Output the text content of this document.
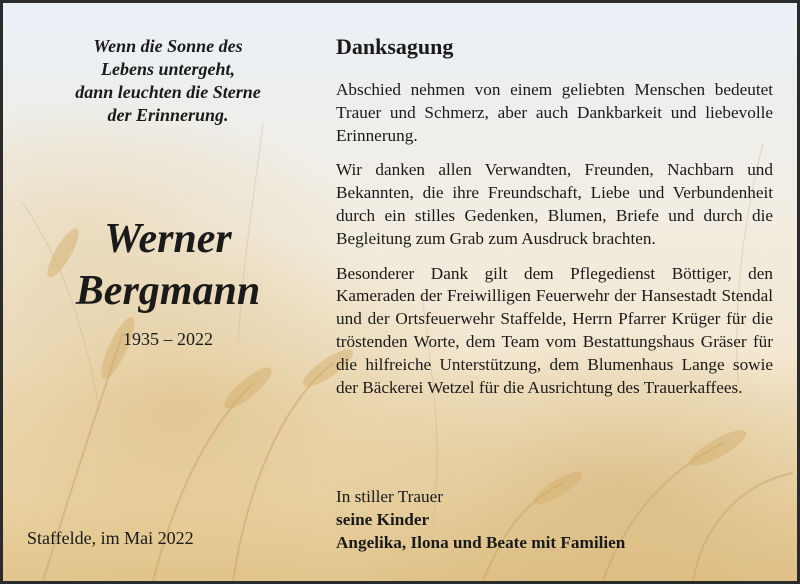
Wenn die Sonne des
Lebens untergeht,
dann leuchten die Sterne
der Erinnerung.
Werner
Bergmann
1935 – 2022
Staffelde, im Mai 2022
Danksagung

Abschied nehmen von einem geliebten Menschen bedeutet Trauer und Schmerz, aber auch Dankbarkeit und liebevolle Erinnerung.

Wir danken allen Verwandten, Freunden, Nachbarn und Bekannten, die ihre Freundschaft, Liebe und Verbundenheit durch ein stilles Gedenken, Blumen, Briefe und durch die Begleitung zum Grab zum Ausdruck brachten.

Besonderer Dank gilt dem Pflegedienst Böttiger, den Kameraden der Freiwilligen Feuerwehr der Hansestadt Stendal und der Ortsfeuerwehr Staffelde, Herrn Pfarrer Krüger für die tröstenden Worte, dem Team vom Bestattungshaus Gräser für die hilfreiche Unterstützung, dem Blumenhaus Lange sowie der Bäckerei Wetzel für die Ausrichtung des Trauerkaffees.

In stiller Trauer
seine Kinder
Angelika, Ilona und Beate mit Familien
